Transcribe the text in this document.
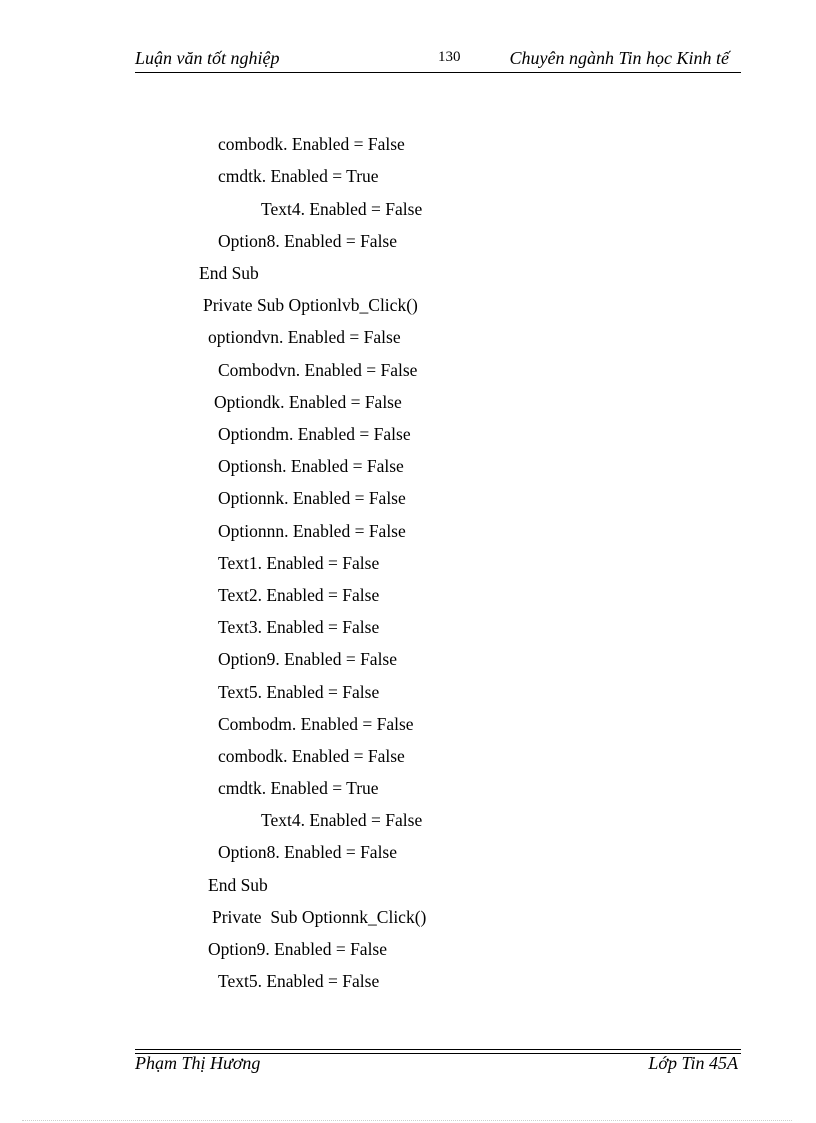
Luận văn tốt nghiệp	130	Chuyên ngành Tin học Kinh tế
combodk. Enabled = False
cmdtk. Enabled = True
Text4. Enabled = False
Option8. Enabled = False
End Sub
Private Sub Optionlvb_Click()
optiondvn. Enabled = False
Combodvn. Enabled = False
Optiondk. Enabled = False
Optiondm. Enabled = False
Optionsh. Enabled = False
Optionnk. Enabled = False
Optionnn. Enabled = False
Text1. Enabled = False
Text2. Enabled = False
Text3. Enabled = False
Option9. Enabled = False
Text5. Enabled = False
Combodm. Enabled = False
combodk. Enabled = False
cmdtk. Enabled = True
Text4. Enabled = False
Option8. Enabled = False
End Sub
Private  Sub Optionnk_Click()
Option9. Enabled = False
Text5. Enabled = False
Phạm Thị Hương	Lớp Tin 45A
